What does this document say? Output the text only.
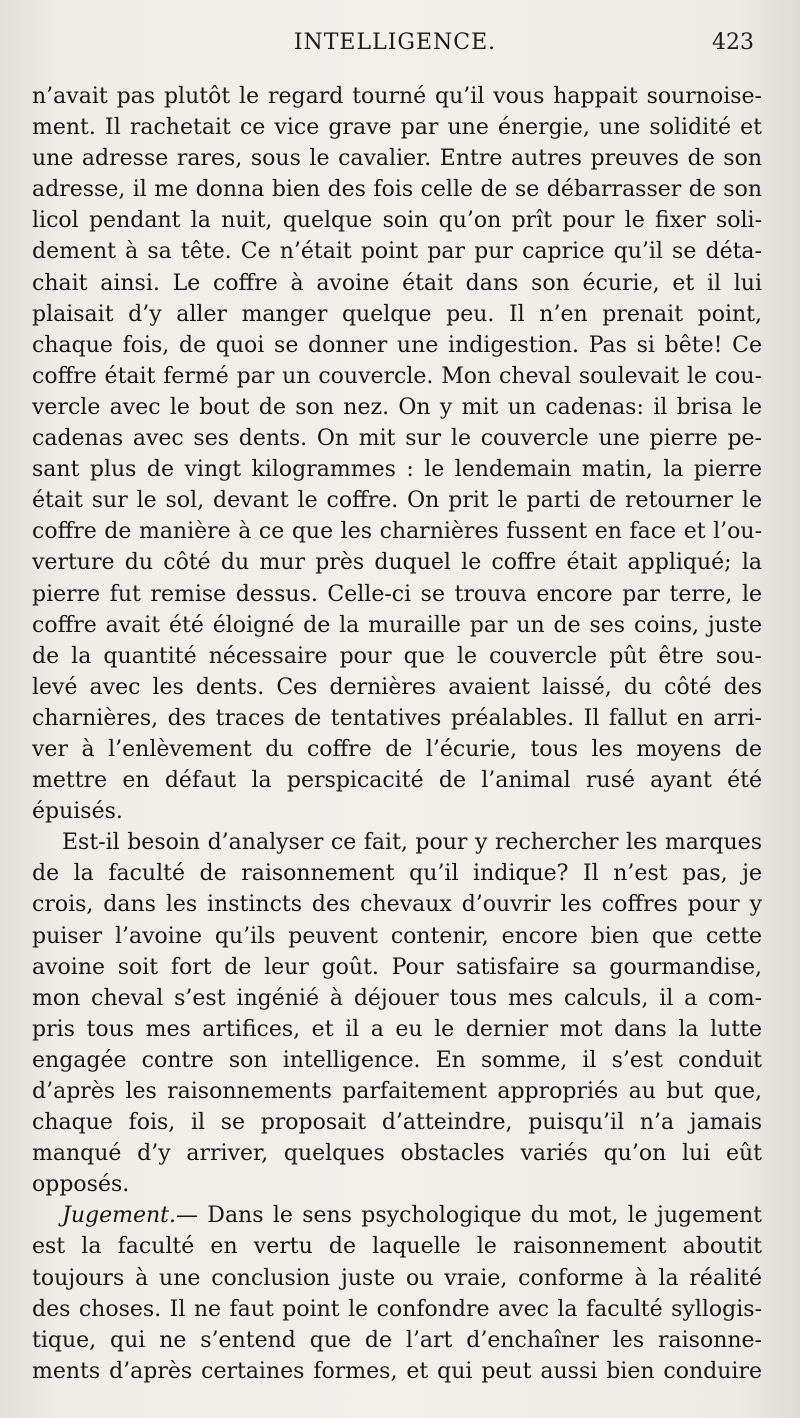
INTELLIGENCE.	423
n’avait pas plutôt le regard tourné qu’il vous happait sournoise-
ment. Il rachetait ce vice grave par une énergie, une solidité et
une adresse rares, sous le cavalier. Entre autres preuves de son
adresse, il me donna bien des fois celle de se débarrasser de son
licol pendant la nuit, quelque soin qu’on prît pour le fixer soli-
dement à sa tête. Ce n’était point par pur caprice qu’il se déta-
chait ainsi. Le coffre à avoine était dans son écurie, et il lui
plaisait d’y aller manger quelque peu. Il n’en prenait point,
chaque fois, de quoi se donner une indigestion. Pas si bête! Ce
coffre était fermé par un couvercle. Mon cheval soulevait le cou-
vercle avec le bout de son nez. On y mit un cadenas: il brisa le
cadenas avec ses dents. On mit sur le couvercle une pierre pe-
sant plus de vingt kilogrammes : le lendemain matin, la pierre
était sur le sol, devant le coffre. On prit le parti de retourner le
coffre de manière à ce que les charnières fussent en face et l’ou-
verture du côté du mur près duquel le coffre était appliqué; la
pierre fut remise dessus. Celle-ci se trouva encore par terre, le
coffre avait été éloigné de la muraille par un de ses coins, juste
de la quantité nécessaire pour que le couvercle pût être sou-
levé avec les dents. Ces dernières avaient laissé, du côté des
charnières, des traces de tentatives préalables. Il fallut en arri-
ver à l’enlèvement du coffre de l’écurie, tous les moyens de
mettre en défaut la perspicacité de l’animal rusé ayant été
épuisés.
Est-il besoin d’analyser ce fait, pour y rechercher les marques
de la faculté de raisonnement qu’il indique? Il n’est pas, je
crois, dans les instincts des chevaux d’ouvrir les coffres pour y
puiser l’avoine qu’ils peuvent contenir, encore bien que cette
avoine soit fort de leur goût. Pour satisfaire sa gourmandise,
mon cheval s’est ingénié à déjouer tous mes calculs, il a com-
pris tous mes artifices, et il a eu le dernier mot dans la lutte
engagée contre son intelligence. En somme, il s’est conduit
d’après les raisonnements parfaitement appropriés au but que,
chaque fois, il se proposait d’atteindre, puisqu’il n’a jamais
manqué d’y arriver, quelques obstacles variés qu’on lui eût
opposés.
Jugement.— Dans le sens psychologique du mot, le jugement
est la faculté en vertu de laquelle le raisonnement aboutit
toujours à une conclusion juste ou vraie, conforme à la réalité
des choses. Il ne faut point le confondre avec la faculté syllogis-
tique, qui ne s’entend que de l’art d’enchaîner les raisonne-
ments d’après certaines formes, et qui peut aussi bien conduire
